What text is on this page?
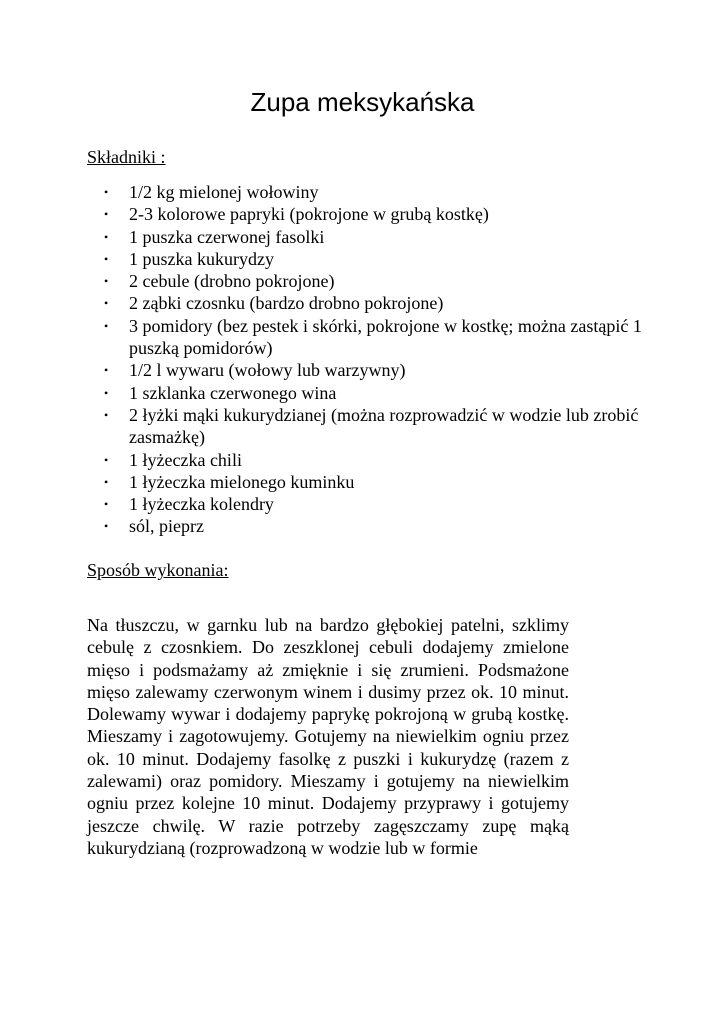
Zupa meksykańska
Składniki :
• 1/2 kg mielonej wołowiny
• 2-3 kolorowe papryki (pokrojone w grubą kostkę)
• 1 puszka czerwonej fasolki
• 1 puszka kukurydzy
• 2 cebule (drobno pokrojone)
• 2 ząbki czosnku (bardzo drobno pokrojone)
• 3 pomidory (bez pestek i skórki, pokrojone w kostkę; można zastąpić 1 puszką pomidorów)
• 1/2 l wywaru (wołowy lub warzywny)
• 1 szklanka czerwonego wina
• 2 łyżki mąki kukurydzianej (można rozprowadzić w wodzie lub zrobić zasmażkę)
• 1 łyżeczka chili
• 1 łyżeczka mielonego kuminku
• 1 łyżeczka kolendry
• sól, pieprz
Sposób wykonania:

Na tłuszczu, w garnku lub na bardzo głębokiej patelni, szklimy cebulę z czosnkiem. Do zeszklonej cebuli dodajemy zmielone mięso i podsmażamy aż zmięknie i się zrumieni. Podsmażone mięso zalewamy czerwonym winem i dusimy przez ok. 10 minut. Dolewamy wywar i dodajemy paprykę pokrojoną w grubą kostkę. Mieszamy i zagotowujemy. Gotujemy na niewielkim ogniu przez ok. 10 minut. Dodajemy fasolkę z puszki i kukurydzę (razem z zalewami) oraz pomidory. Mieszamy i gotujemy na niewielkim ogniu przez kolejne 10 minut. Dodajemy przyprawy i gotujemy jeszcze chwilę. W razie potrzeby zagęszczamy zupę mąką kukurydzianą (rozprowadzoną w wodzie lub w formie
